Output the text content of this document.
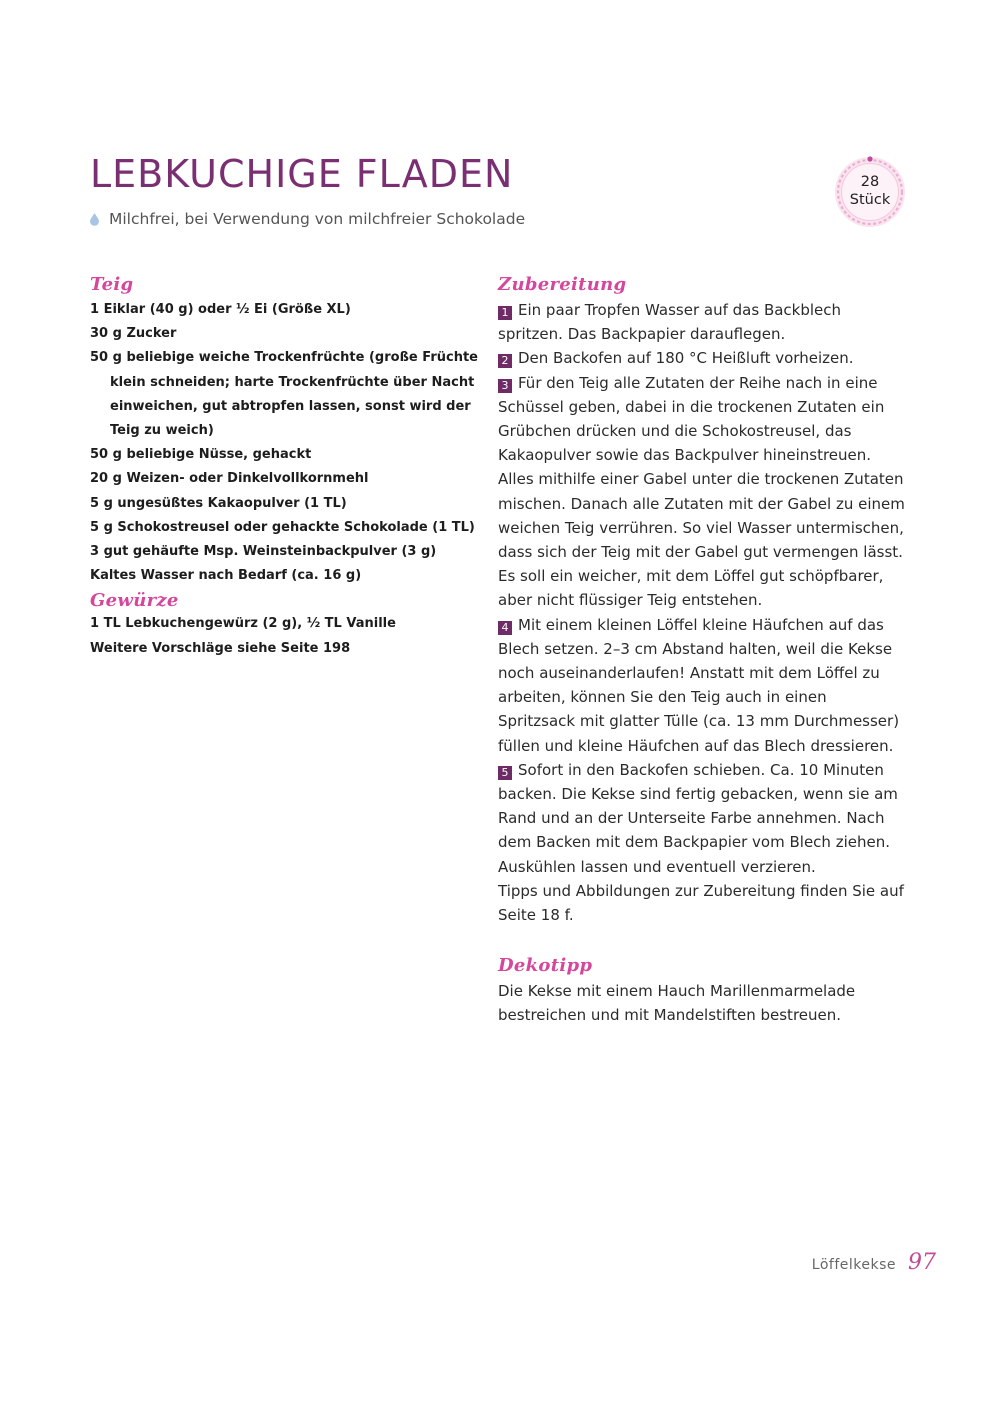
LEBKUCHIGE FLADEN
Milchfrei, bei Verwendung von milchfreier Schokolade
28
Stück
Teig

1 Eiklar (40 g) oder ½ Ei (Größe XL)

30 g Zucker

50 g beliebige weiche Trockenfrüchte (große Früchte klein schneiden; harte Trockenfrüchte über Nacht einweichen, gut abtropfen lassen, sonst wird der Teig zu weich)

50 g beliebige Nüsse, gehackt

20 g Weizen- oder Dinkelvollkornmehl

5 g ungesüßtes Kakaopulver (1 TL)

5 g Schokostreusel oder gehackte Schokolade (1 TL)

3 gut gehäufte Msp. Weinsteinbackpulver (3 g)

Kaltes Wasser nach Bedarf (ca. 16 g)

Gewürze

1 TL Lebkuchengewürz (2 g), ½ TL Vanille

Weitere Vorschläge siehe Seite 198

Zubereitung

1 Ein paar Tropfen Wasser auf das Backblech spritzen. Das Backpapier darauflegen.

2 Den Backofen auf 180 °C Heißluft vorheizen.

3 Für den Teig alle Zutaten der Reihe nach in eine Schüssel geben, dabei in die trockenen Zutaten ein Grübchen drücken und die Schokostreusel, das Kakaopulver sowie das Backpulver hineinstreuen. Alles mithilfe einer Gabel unter die trockenen Zutaten mischen. Danach alle Zutaten mit der Gabel zu einem weichen Teig verrühren. So viel Wasser untermischen, dass sich der Teig mit der Gabel gut vermengen lässt. Es soll ein weicher, mit dem Löffel gut schöpfbarer, aber nicht flüssiger Teig entstehen.

4 Mit einem kleinen Löffel kleine Häufchen auf das Blech setzen. 2–3 cm Abstand halten, weil die Kekse noch auseinanderlaufen! Anstatt mit dem Löffel zu arbeiten, können Sie den Teig auch in einen Spritzsack mit glatter Tülle (ca. 13 mm Durchmesser) füllen und kleine Häufchen auf das Blech dressieren.

5 Sofort in den Backofen schieben. Ca. 10 Minuten backen. Die Kekse sind fertig gebacken, wenn sie am Rand und an der Unterseite Farbe annehmen. Nach dem Backen mit dem Backpapier vom Blech ziehen. Auskühlen lassen und eventuell verzieren.

Tipps und Abbildungen zur Zubereitung finden Sie auf Seite 18 f.

Dekotipp

Die Kekse mit einem Hauch Marillenmarmelade bestreichen und mit Mandelstiften bestreuen.

Löffelkekse 97
